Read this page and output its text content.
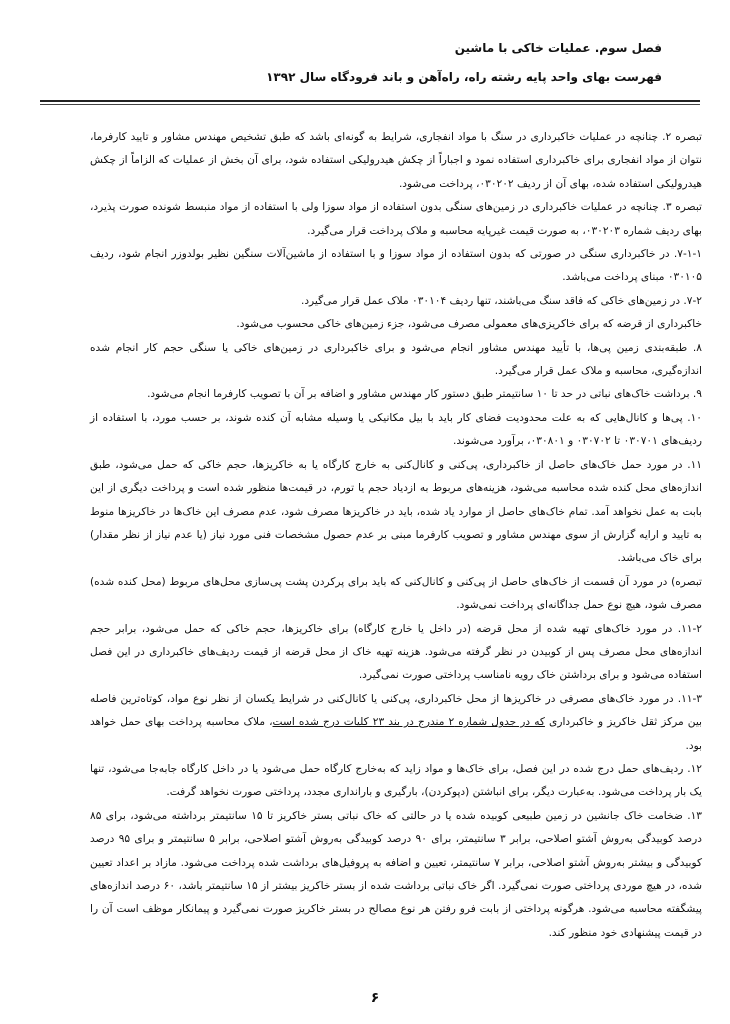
فصل سوم. عملیات خاکی با ماشین
فهرست بهای واحد پایه رشته راه، راه‌آهن و باند فرودگاه سال ۱۳۹۲

تبصره ۲. چنانچه در عملیات خاکبرداری در سنگ با مواد انفجاری، شرایط به گونه‌ای باشد که طبق تشخیص مهندس مشاور و تایید کارفرما، نتوان از مواد انفجاری برای خاکبرداری استفاده نمود و اجباراً از چکش هیدرولیکی استفاده شود، برای آن بخش از عملیات که الزاماً از چکش هیدرولیکی استفاده شده، بهای آن از ردیف ۰۳۰۲۰۲، پرداخت می‌شود.

تبصره ۳. چنانچه در عملیات خاکبرداری در زمین‌های سنگی بدون استفاده از مواد سوزا ولی با استفاده از مواد منبسط شونده صورت پذیرد، بهای ردیف شماره ۰۳۰۲۰۳، به صورت قیمت غیرپایه محاسبه و ملاک پرداخت قرار می‌گیرد.

۷-۱-۱. در خاکبرداری سنگی در صورتی که بدون استفاده از مواد سوزا و با استفاده از ماشین‌آلات سنگین نظیر بولدوزر انجام شود، ردیف ۰۳۰۱۰۵ مبنای پرداخت می‌باشد.

۷-۲. در زمین‌های خاکی که فاقد سنگ می‌باشند، تنها ردیف ۰۳۰۱۰۴ ملاک عمل قرار می‌گیرد.

خاکبرداری از قرضه که برای خاکریزی‌های معمولی مصرف می‌شود، جزء زمین‌های خاکی محسوب می‌شود.

۸. طبقه‌بندی زمین پی‌ها، با تأیید مهندس مشاور انجام می‌شود و برای خاکبرداری در زمین‌های خاکی یا سنگی حجم کار انجام شده اندازه‌گیری، محاسبه و ملاک عمل قرار می‌گیرد.

۹. برداشت خاک‌های نباتی در حد تا ۱۰ سانتیمتر طبق دستور کار مهندس مشاور و اضافه بر آن با تصویب کارفرما انجام می‌شود.

۱۰. پی‌ها و کانال‌هایی که به علت محدودیت فضای کار باید با بیل مکانیکی یا وسیله مشابه آن کنده شوند، بر حسب مورد، با استفاده از ردیف‌های ۰۳۰۷۰۱ تا ۰۳۰۷۰۲ و ۰۳۰۸۰۱، برآورد می‌شوند.

۱۱. در مورد حمل خاک‌های حاصل از خاکبرداری، پی‌کنی و کانال‌کنی به خارج کارگاه یا به خاکریزها، حجم خاکی که حمل می‌شود، طبق اندازه‌های محل کنده شده محاسبه می‌شود، هزینه‌های مربوط به ازدیاد حجم یا تورم، در قیمت‌ها منظور شده است و پرداخت دیگری از این بابت به عمل نخواهد آمد. تمام خاک‌های حاصل از موارد یاد شده، باید در خاکریزها مصرف شود، عدم مصرف این خاک‌ها در خاکریزها منوط به تایید و ارایه گزارش از سوی مهندس مشاور و تصویب کارفرما مبنی بر عدم حصول مشخصات فنی مورد نیاز (یا عدم نیاز از نظر مقدار) برای خاک می‌باشد.

تبصره) در مورد آن قسمت از خاک‌های حاصل از پی‌کنی و کانال‌کنی که باید برای پرکردن پشت پی‌سازی محل‌های مربوط (محل کنده شده) مصرف شود، هیچ نوع حمل جداگانه‌ای پرداخت نمی‌شود.

۱۱-۲. در مورد خاک‌های تهیه شده از محل قرضه (در داخل یا خارج کارگاه) برای خاکریزها، حجم خاکی که حمل می‌شود، برابر حجم اندازه‌های محل مصرف پس از کوبیدن در نظر گرفته می‌شود. هزینه تهیه خاک از محل قرضه از قیمت ردیف‌های خاکبرداری در این فصل استفاده می‌شود و برای برداشتن خاک رویه نامناسب پرداختی صورت نمی‌گیرد.

۱۱-۳. در مورد خاک‌های مصرفی در خاکریزها از محل خاکبرداری، پی‌کنی یا کانال‌کنی در شرایط یکسان از نظر نوع مواد، کوتاه‌ترین فاصله بین مرکز ثقل خاکریز و خاکبرداری که در جدول شماره ۲ مندرج در بند ۲۳ کلیات درج شده است، ملاک محاسبه پرداخت بهای حمل خواهد بود.

۱۲. ردیف‌های حمل درج شده در این فصل، برای خاک‌ها و مواد زاید که به‌خارج کارگاه حمل می‌شود یا در داخل کارگاه جابه‌جا می‌شود، تنها یک بار پرداخت می‌شود. به‌عبارت دیگر، برای انباشتن (دپوکردن)، بارگیری و بارانداری مجدد، پرداختی صورت نخواهد گرفت.

۱۳. ضخامت خاک جانشین در زمین طبیعی کوبیده شده یا در حالتی که خاک نباتی بستر خاکریز تا ۱۵ سانتیمتر برداشته می‌شود، برای ۸۵ درصد کوبیدگی به‌روش آشتو اصلاحی، برابر ۳ سانتیمتر، برای ۹۰ درصد کوبیدگی به‌روش آشتو اصلاحی، برابر ۵ سانتیمتر و برای ۹۵ درصد کوبیدگی و بیشتر به‌روش آشتو اصلاحی، برابر ۷ سانتیمتر، تعیین و اضافه به پروفیل‌های برداشت شده پرداخت می‌شود. مازاد بر اعداد تعیین شده، در هیچ موردی پرداختی صورت نمی‌گیرد. اگر خاک نباتی برداشت شده از بستر خاکریز بیشتر از ۱۵ سانتیمتر باشد، ۶۰ درصد اندازه‌های پیشگفته محاسبه می‌شود. هرگونه پرداختی از بابت فرو رفتن هر نوع مصالح در بستر خاکریز صورت نمی‌گیرد و پیمانکار موظف است آن را در قیمت پیشنهادی خود منظور کند.

۶
